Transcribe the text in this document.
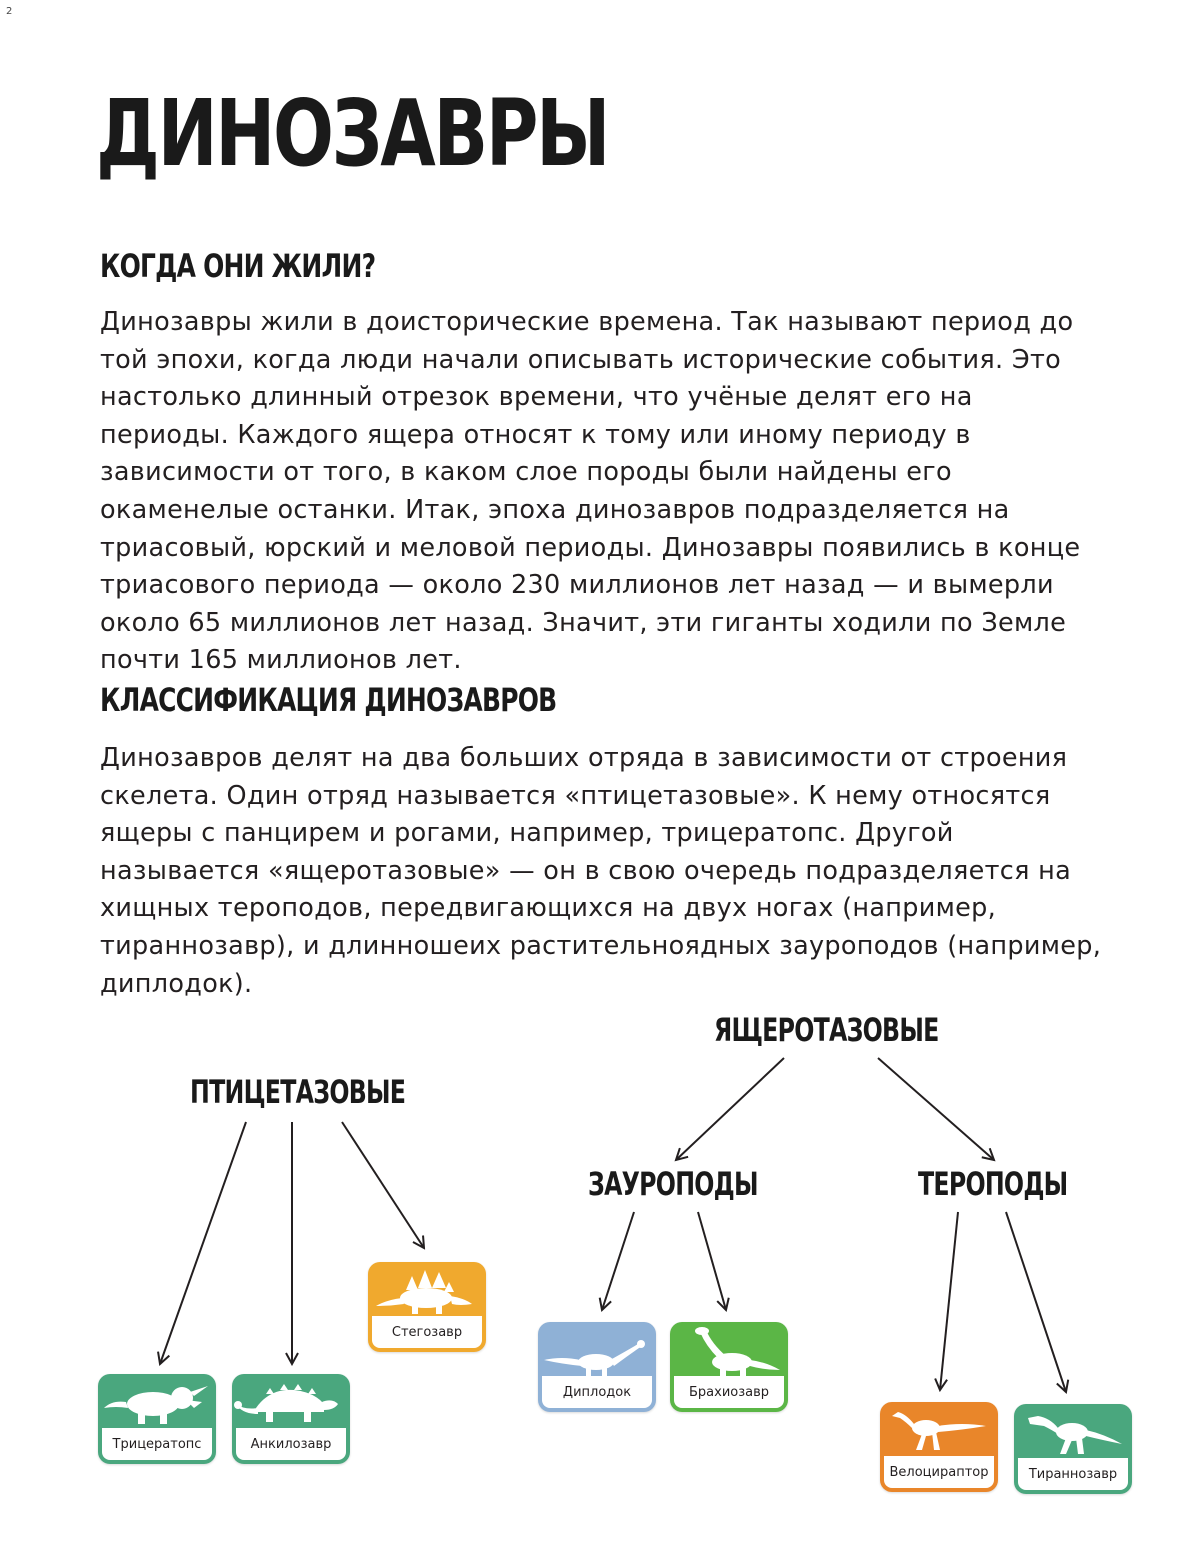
2
ДИНОЗАВРЫ
КОГДА ОНИ ЖИЛИ?

Динозавры жили в доисторические времена. Так называют период до той эпохи, когда люди начали описывать исторические события. Это настолько длинный отрезок времени, что учёные делят его на периоды. Каждого ящера относят к тому или иному периоду в зависимости от того, в каком слое породы были найдены его окаменелые останки. Итак, эпоха динозавров подразделяется на триасовый, юрский и меловой периоды. Динозавры появились в конце триасового периода — около 230 миллионов лет назад — и вымерли около 65 миллионов лет назад. Значит, эти гиганты ходили по Земле почти 165 миллионов лет.

КЛАССИФИКАЦИЯ ДИНОЗАВРОВ

Динозавров делят на два больших отряда в зависимости от строения скелета. Один отряд называется «птицетазовые». К нему относятся ящеры с панцирем и рогами, например, трицератопс. Другой называется «ящеротазовые» — он в свою очередь подразделяется на хищных тероподов, передвигающихся на двух ногах (например, тираннозавр), и длинношеих растительноядных зауроподов (например, диплодок).

ПТИЦЕТАЗОВЫЕ
ЯЩЕРОТАЗОВЫЕ
ЗАУРОПОДЫ	ТЕРОПОДЫ
Трицератопс	Анкилозавр
Стегозавр
Диплодок	Брахиозавр
Велоцираптор	Тираннозавр
